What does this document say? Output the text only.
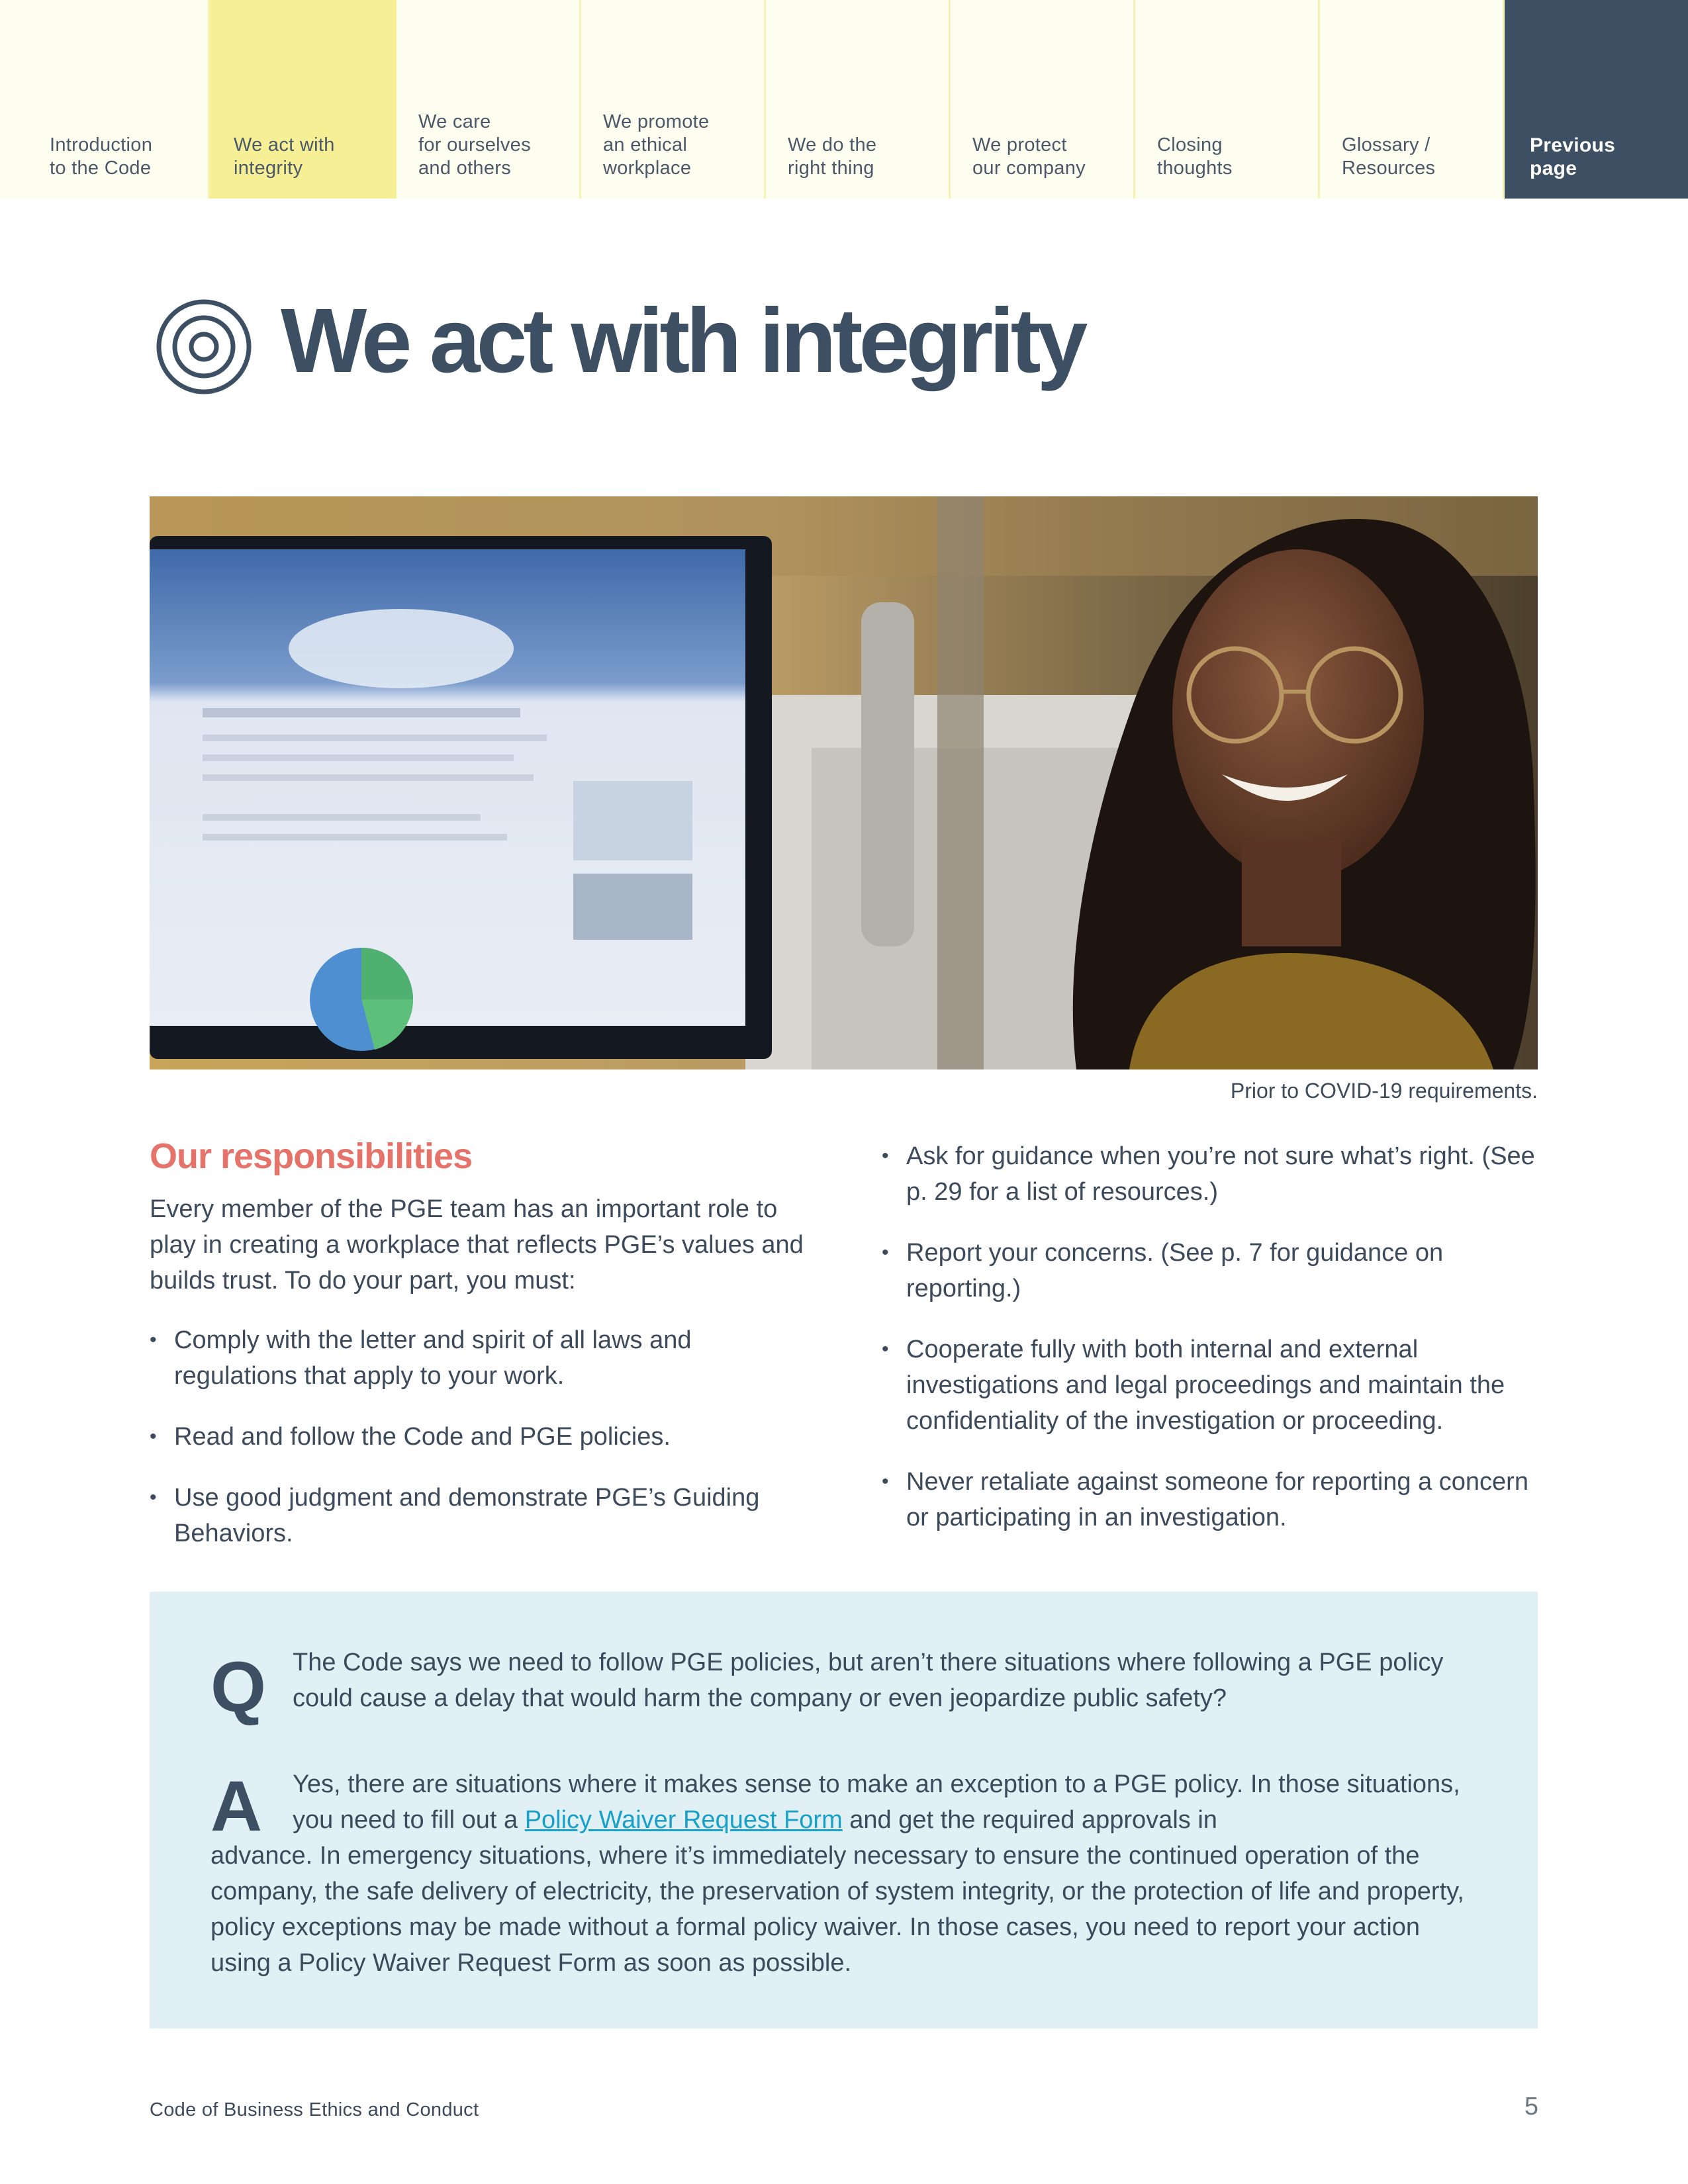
Introduction
to the Code
We act with
integrity
We care
for ourselves
and others
We promote
an ethical
workplace
We do the
right thing
We protect
our company
Closing
thoughts
Glossary /
Resources
Previous
page
We act with integrity
Prior to COVID-19 requirements.
Our responsibilities

Every member of the PGE team has an important role to play in creating a workplace that reflects PGE’s values and builds trust. To do your part, you must:

• Comply with the letter and spirit of all laws and regulations that apply to your work.
• Read and follow the Code and PGE policies.
• Use good judgment and demonstrate PGE’s Guiding Behaviors.
• Ask for guidance when you’re not sure what’s right. (See p. 29 for a list of resources.)
• Report your concerns. (See p. 7 for guidance on reporting.)
• Cooperate fully with both internal and external investigations and legal proceedings and maintain the confidentiality of the investigation or proceeding.
• Never retaliate against someone for reporting a concern or participating in an investigation.
Q The Code says we need to follow PGE policies, but aren’t there situations where following a PGE policy could cause a delay that would harm the company or even jeopardize public safety?

A Yes, there are situations where it makes sense to make an exception to a PGE policy. In those situations, you need to fill out a Policy Waiver Request Form and get the required approvals in

advance. In emergency situations, where it’s immediately necessary to ensure the continued operation of the company, the safe delivery of electricity, the preservation of system integrity, or the protection of life and property, policy exceptions may be made without a formal policy waiver. In those cases, you need to report your action using a Policy Waiver Request Form as soon as possible.

Code of Business Ethics and Conduct	5
